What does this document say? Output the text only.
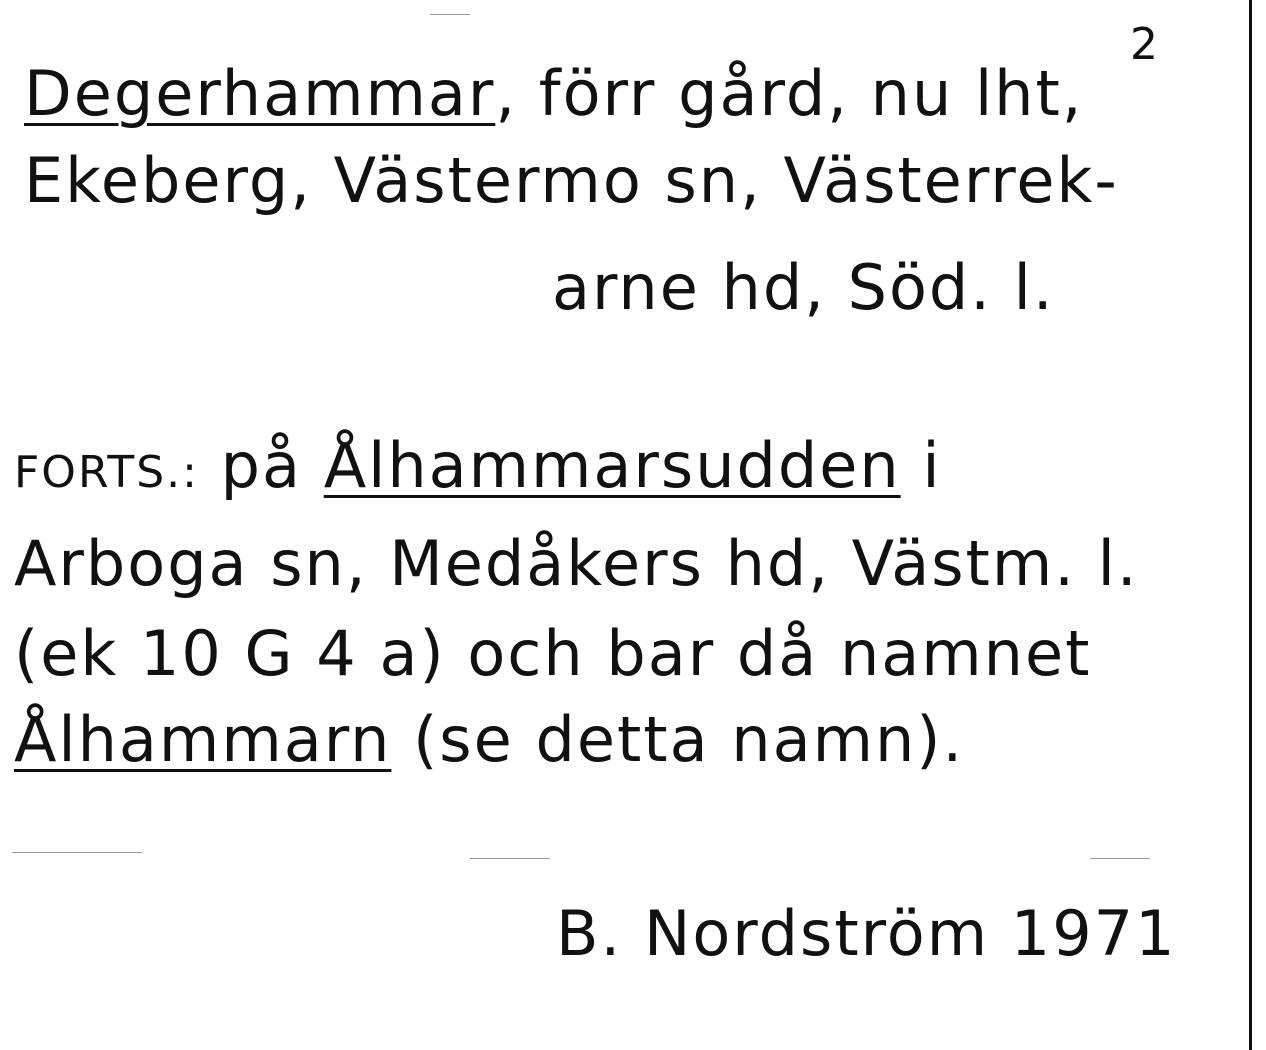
2
Degerhammar, förr gård, nu lht,
Ekeberg, Västermo sn, Västerrek-
arne hd, Söd. l.
FORTS.: på Ålhammarsudden i
Arboga sn, Medåkers hd, Västm. l.
(ek 10 G 4 a) och bar då namnet
Ålhammarn (se detta namn).
B. Nordström 1971
